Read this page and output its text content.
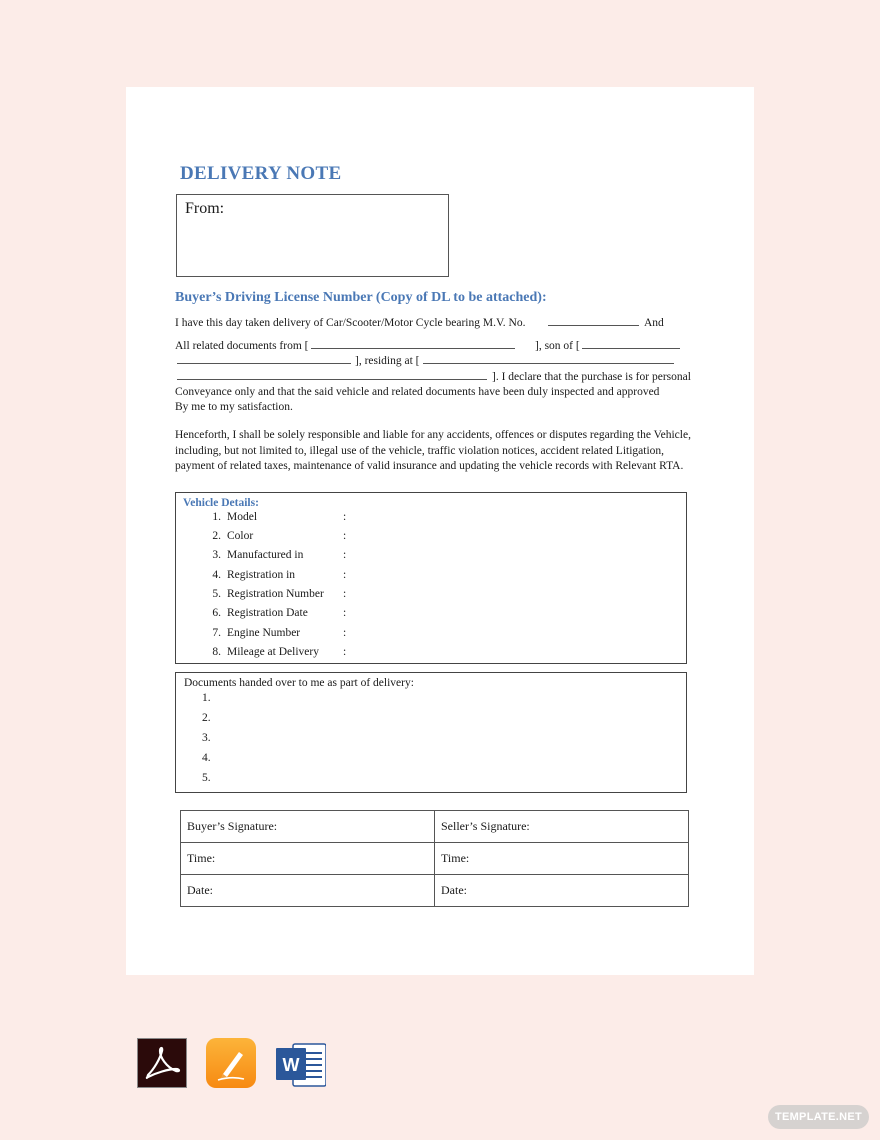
DELIVERY NOTE
From:
Buyer’s Driving License Number (Copy of DL to be attached):
I have this day taken delivery of Car/Scooter/Motor Cycle bearing M.V. No.	And
All related documents from [	], son of [
], residing at [
]. I declare that the purchase is for personal
Conveyance only and that the said vehicle and related documents have been duly inspected and approved
By me to my satisfaction.
Henceforth, I shall be solely responsible and liable for any accidents, offences or disputes regarding the Vehicle, including, but not limited to, illegal use of the vehicle, traffic violation notices, accident related Litigation, payment of related taxes, maintenance of valid insurance and updating the vehicle records with Relevant RTA.
Vehicle Details:
1. Model	:
2. Color	:
3. Manufactured in	:
4. Registration in	:
5. Registration Number :
6. Registration Date	:
7. Engine Number	:
8. Mileage at Delivery :
Documents handed over to me as part of delivery:
1.
2.
3.
4.
5.
Buyer’s Signature:	Seller’s Signature:
Time:	Time:
Date:	Date:
W
TEMPLATE.NET
